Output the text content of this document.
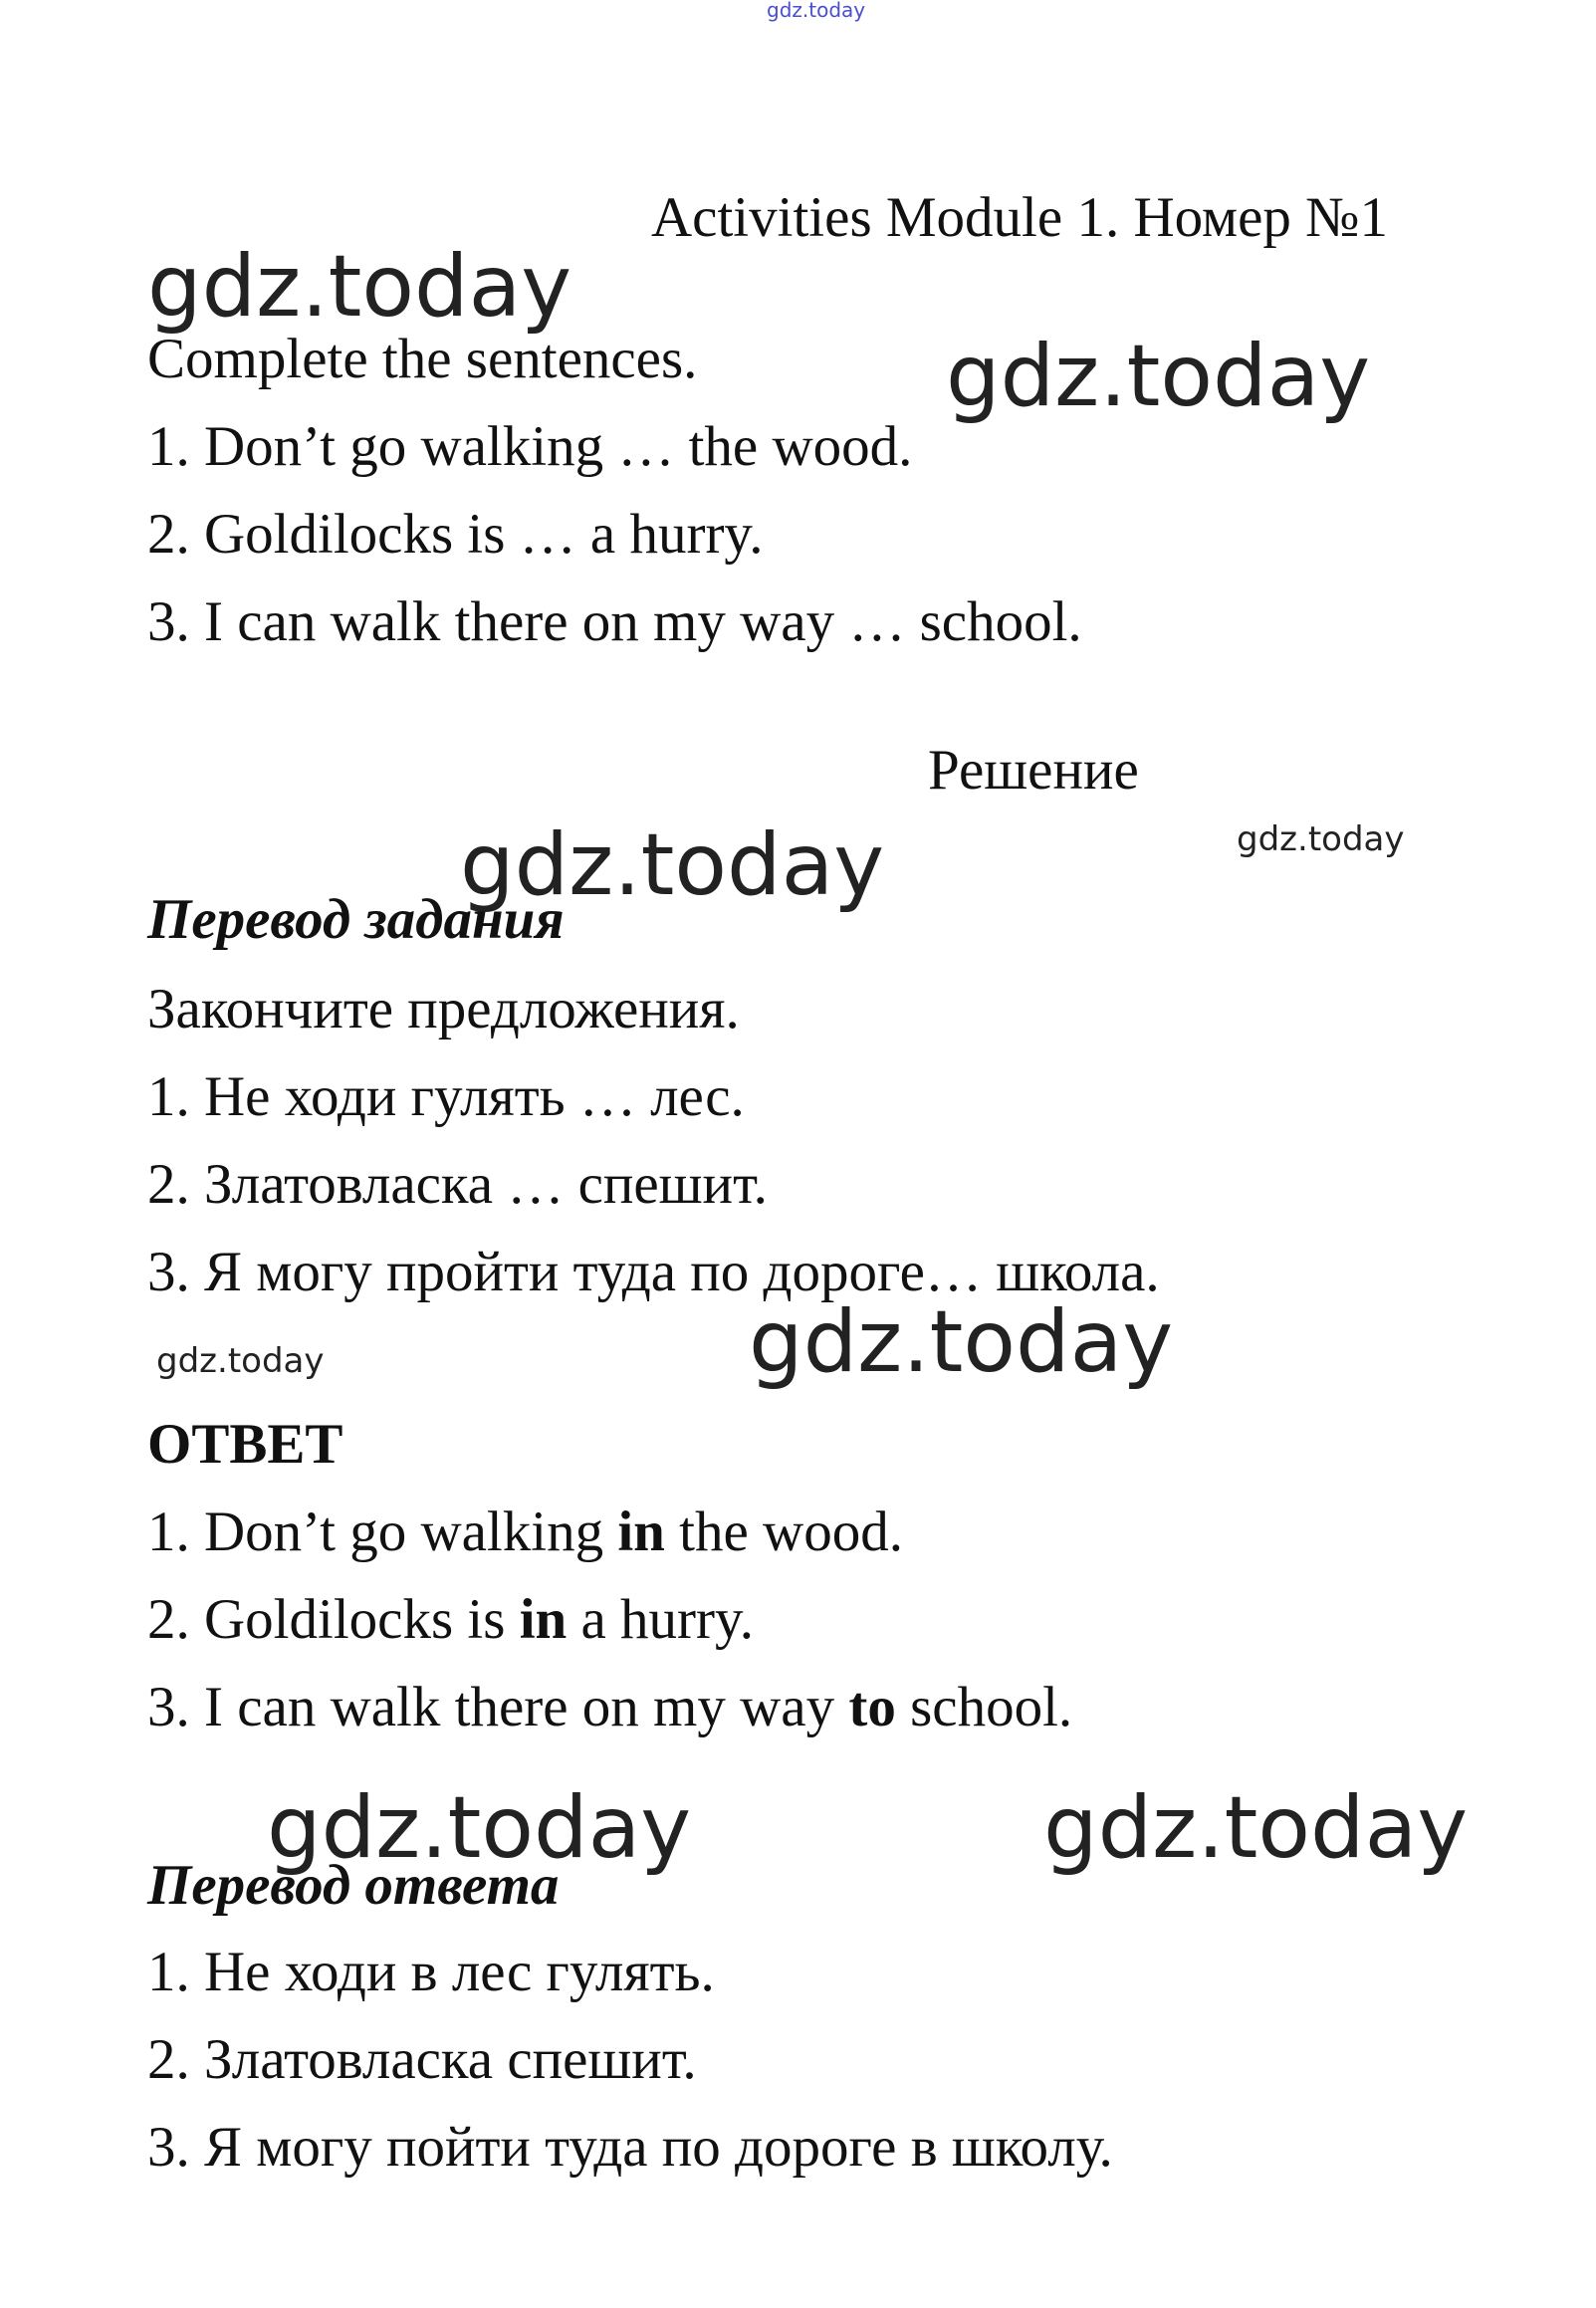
gdz.today
Activities Module 1. Номер №1
gdz.today
gdz.today
Complete the sentences.
1. Don’t go walking … the wood.
2. Goldilocks is … a hurry.
3. I can walk there on my way … school.
Решение
gdz.today
gdz.today
Перевод задания
Закончите предложения.
1. Не ходи гулять … лес.
2. Златовласка … спешит.
3. Я могу пройти туда по дороге… школа.
gdz.today	gdz.today
ОТВЕТ
1. Don’t go walking in the wood.
2. Goldilocks is in a hurry.
3. I can walk there on my way to school.
gdz.today	gdz.today
Перевод ответа
1. Не ходи в лес гулять.
2. Златовласка спешит.
3. Я могу пойти туда по дороге в школу.
